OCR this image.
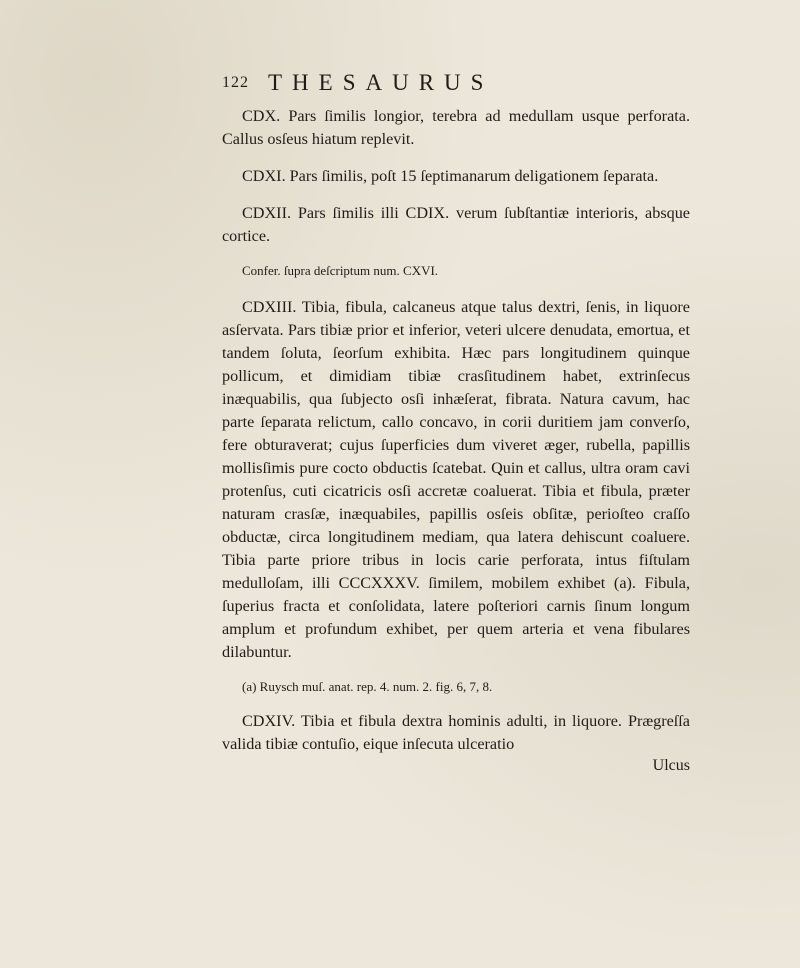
122 THESAURUS

CDX. Pars ſimilis longior, terebra ad medullam usque perforata. Callus osſeus hiatum replevit.

CDXI. Pars ſimilis, poſt 15 ſeptimanarum deligationem ſeparata.

CDXII. Pars ſimilis illi CDIX. verum ſubſtantiæ interioris, absque cortice.

Confer. ſupra deſcriptum num. CXVI.

CDXIII. Tibia, fibula, calcaneus atque talus dextri, ſenis, in liquore asſervata. Pars tibiæ prior et inferior, veteri ulcere denudata, emortua, et tandem ſoluta, ſeorſum exhibita. Hæc pars longitudinem quinque pollicum, et dimidiam tibiæ crasſitudinem habet, extrinſecus inæquabilis, qua ſubjecto osſi inhæſerat, fibrata. Natura cavum, hac parte ſeparata relictum, callo concavo, in corii duritiem jam converſo, fere obturaverat; cujus ſuperficies dum viveret æger, rubella, papillis mollisſimis pure cocto obductis ſcatebat. Quin et callus, ultra oram cavi protenſus, cuti cicatricis osſi accretæ coaluerat. Tibia et fibula, præter naturam crasſæ, inæquabiles, papillis osſeis obſitæ, perioſteo craſſo obductæ, circa longitudinem mediam, qua latera dehiscunt coaluere. Tibia parte priore tribus in locis carie perforata, intus fiſtulam medulloſam, illi CCCXXXV. ſimilem, mobilem exhibet (a). Fibula, ſuperius fracta et conſolidata, latere poſteriori carnis ſinum longum amplum et profundum exhibet, per quem arteria et vena fibulares dilabuntur.

(a) Ruysch muſ. anat. rep. 4. num. 2. fig. 6, 7, 8.

CDXIV. Tibia et fibula dextra hominis adulti, in liquore. Prægreſſa valida tibiæ contuſio, eique inſecuta ulceratio

Ulcus
